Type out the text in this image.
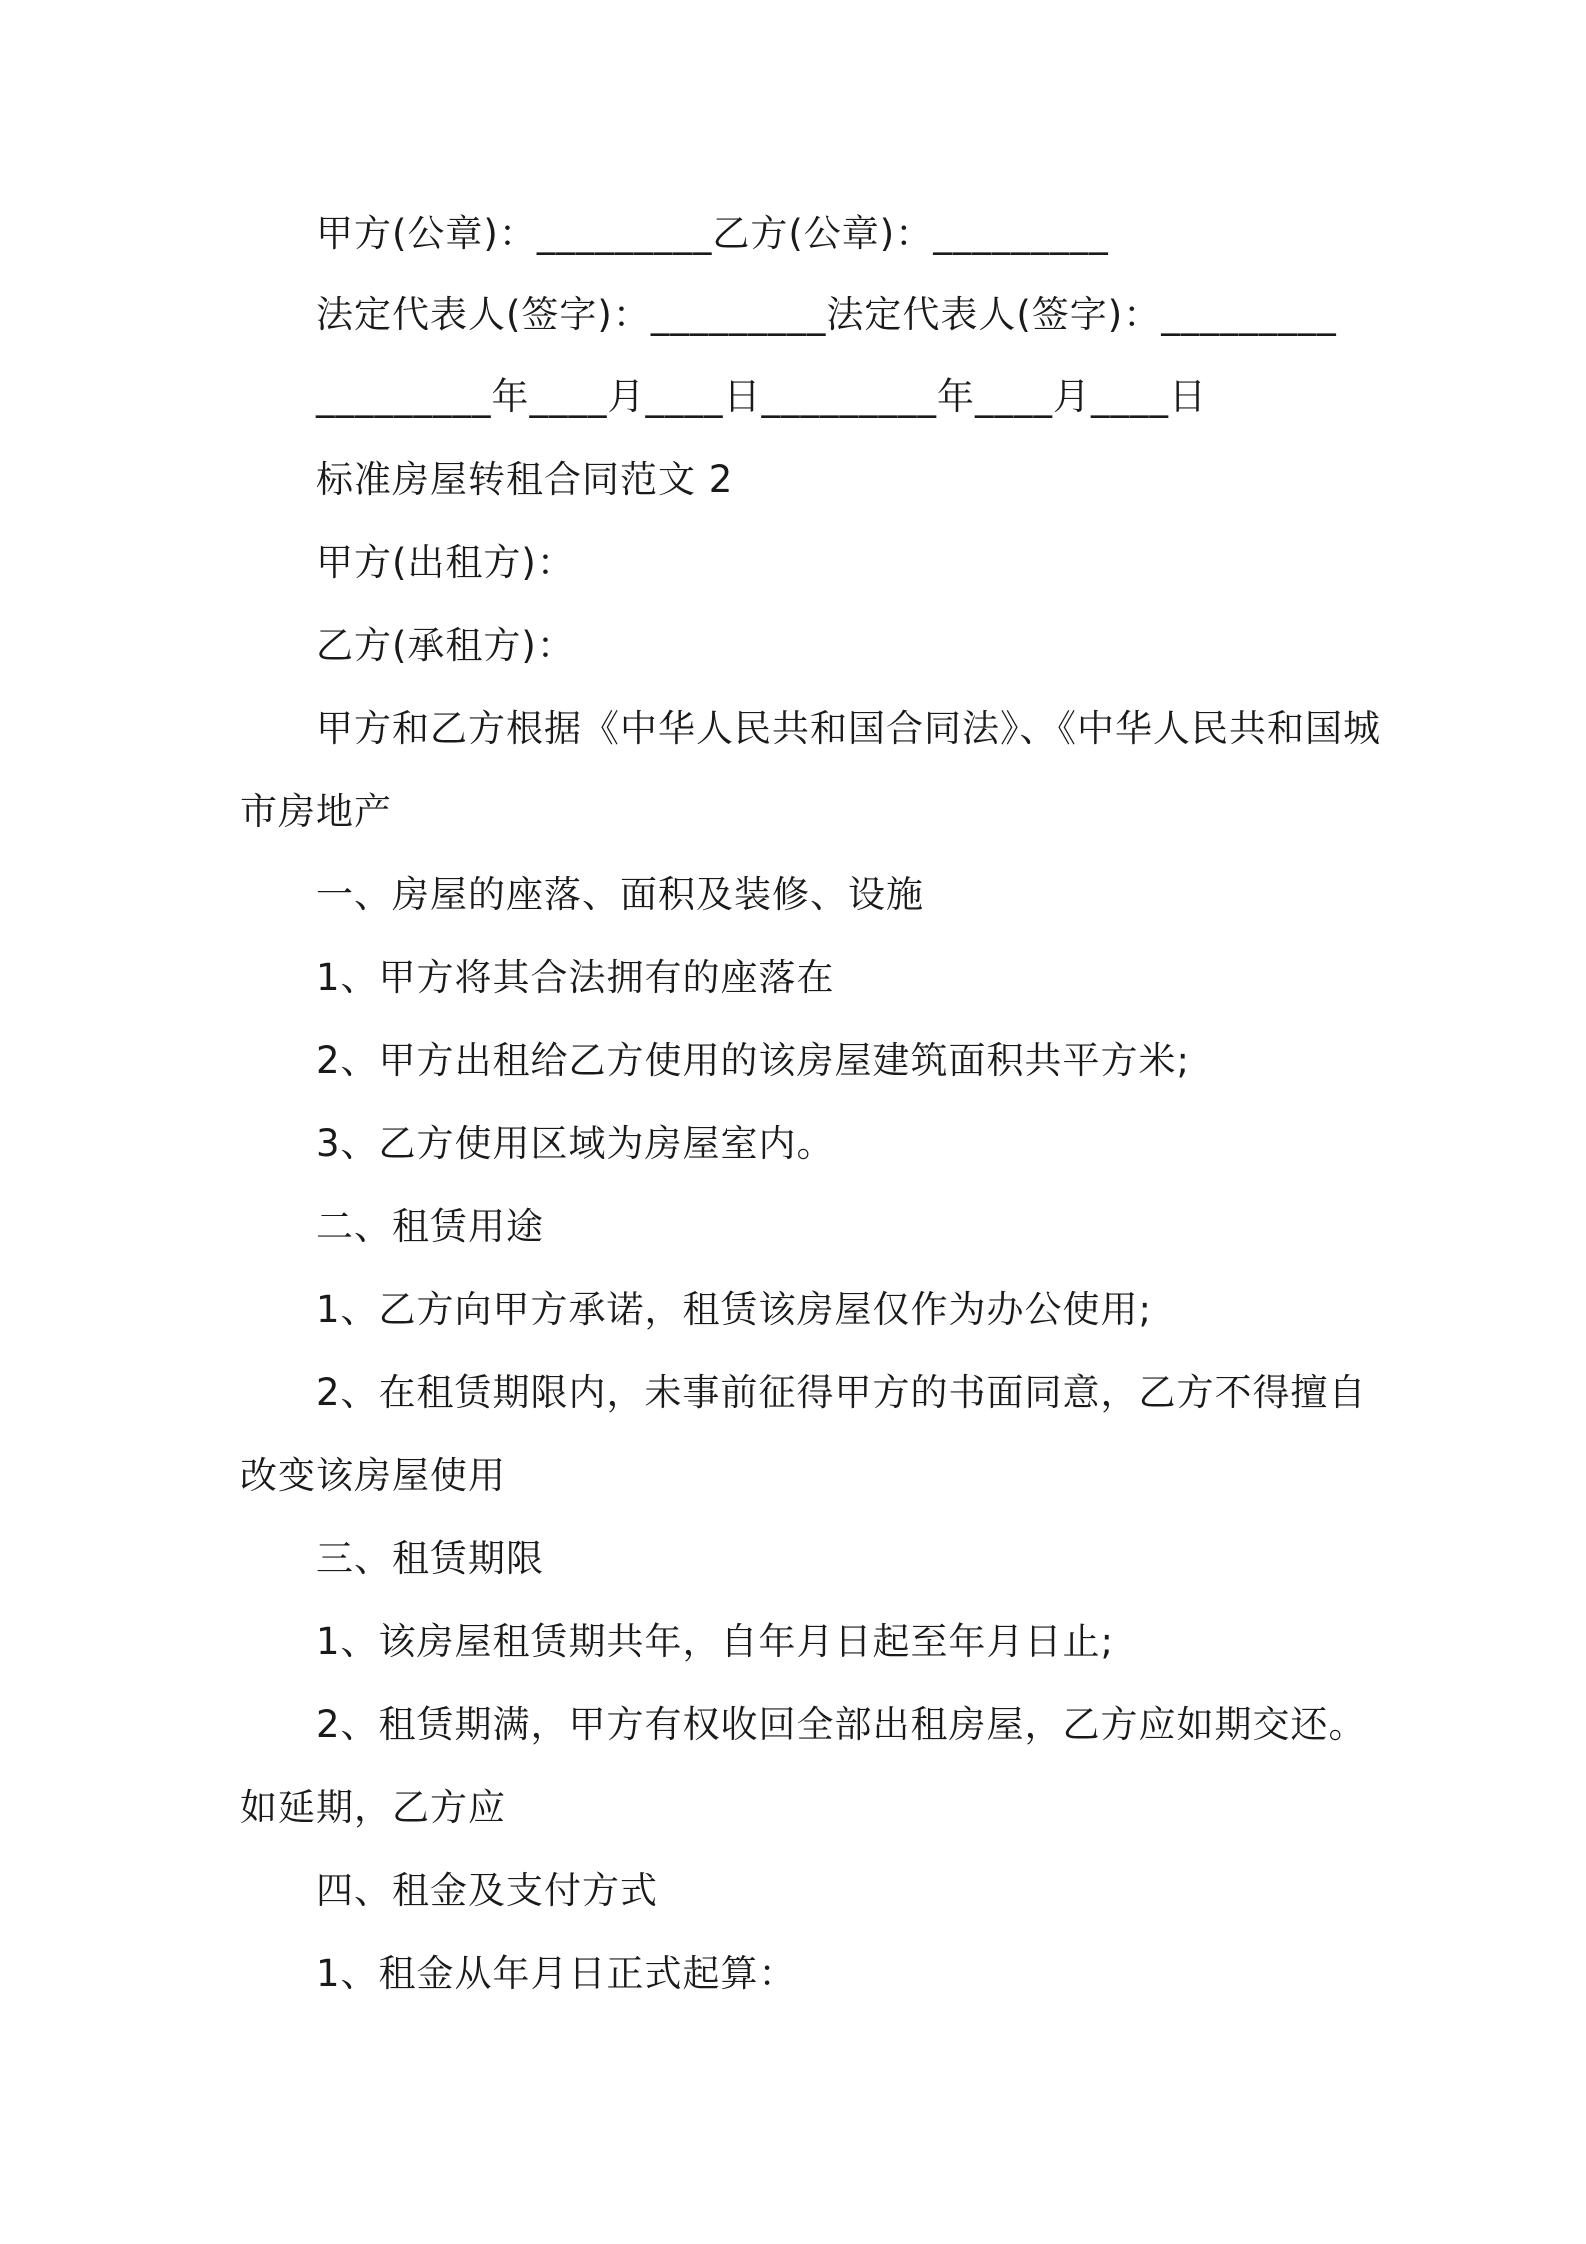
甲方(公章)：_________乙方(公章)：_________
法定代表人(签字)：_________法定代表人(签字)：_________
_________年____月____日_________年____月____日
标准房屋转租合同范文 2
甲方(出租方)：
乙方(承租方)：
甲方和乙方根据《中华人民共和国合同法》、《中华人民共和国城
市房地产
一、房屋的座落、面积及装修、设施
1、甲方将其合法拥有的座落在
2、甲方出租给乙方使用的该房屋建筑面积共平方米;
3、乙方使用区域为房屋室内。
二、租赁用途
1、乙方向甲方承诺，租赁该房屋仅作为办公使用;
2、在租赁期限内，未事前征得甲方的书面同意，乙方不得擅自
改变该房屋使用
三、租赁期限
1、该房屋租赁期共年，自年月日起至年月日止;
2、租赁期满，甲方有权收回全部出租房屋，乙方应如期交还。
如延期，乙方应
四、租金及支付方式
1、租金从年月日正式起算：
